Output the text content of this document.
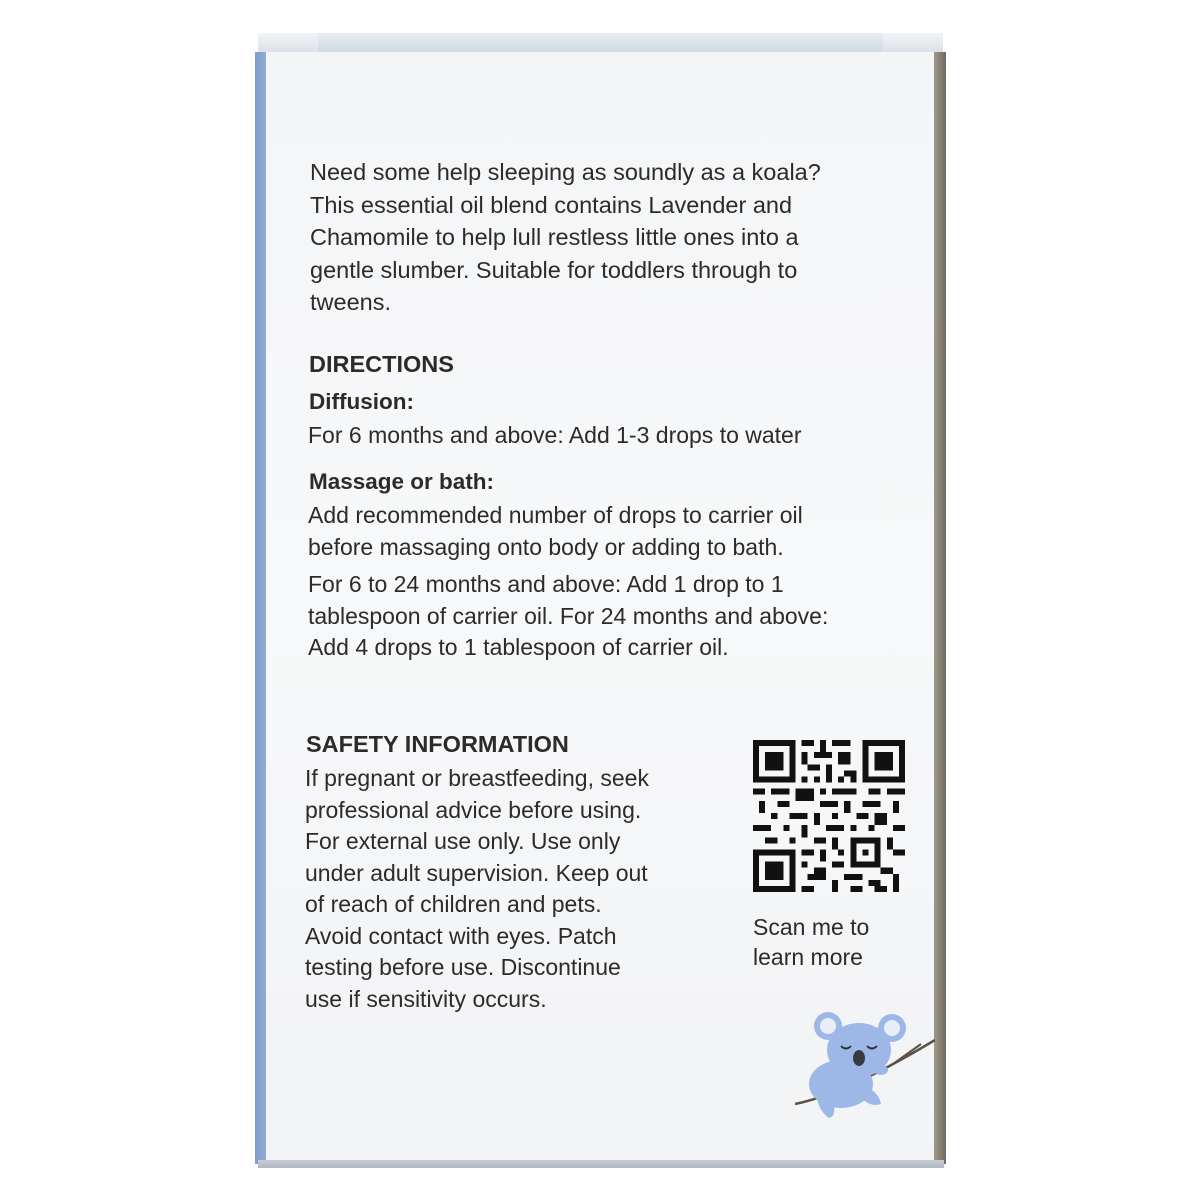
Need some help sleeping as soundly as a koala?
This essential oil blend contains Lavender and
Chamomile to help lull restless little ones into a
gentle slumber. Suitable for toddlers through to
tweens.
DIRECTIONS
Diffusion:
For 6 months and above: Add 1-3 drops to water
Massage or bath:
Add recommended number of drops to carrier oil
before massaging onto body or adding to bath.
For 6 to 24 months and above: Add 1 drop to 1
tablespoon of carrier oil. For 24 months and above:
Add 4 drops to 1 tablespoon of carrier oil.
SAFETY INFORMATION
If pregnant or breastfeeding, seek
professional advice before using.
For external use only. Use only
under adult supervision. Keep out
of reach of children and pets.
Avoid contact with eyes. Patch
testing before use. Discontinue
use if sensitivity occurs.
Scan me to
learn more
